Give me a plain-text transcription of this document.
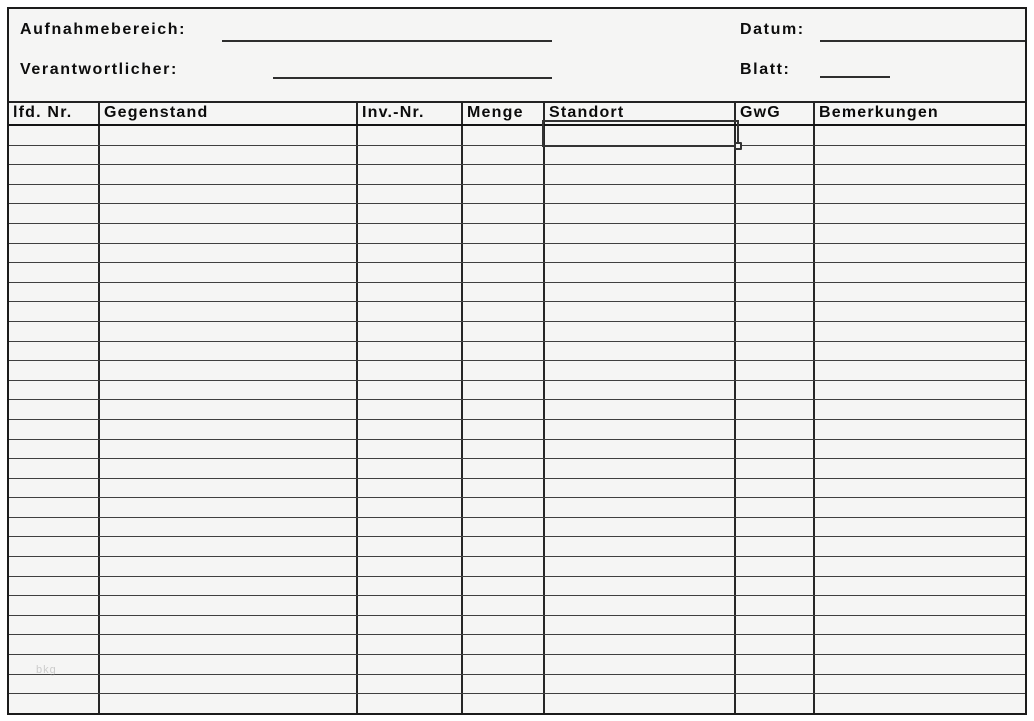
Aufnahmebereich:
Verantwortlicher:
Datum:
Blatt:
lfd. Nr.	Gegenstand	Inv.-Nr.	Menge	Standort	GwG	Bemerkungen
bkg
